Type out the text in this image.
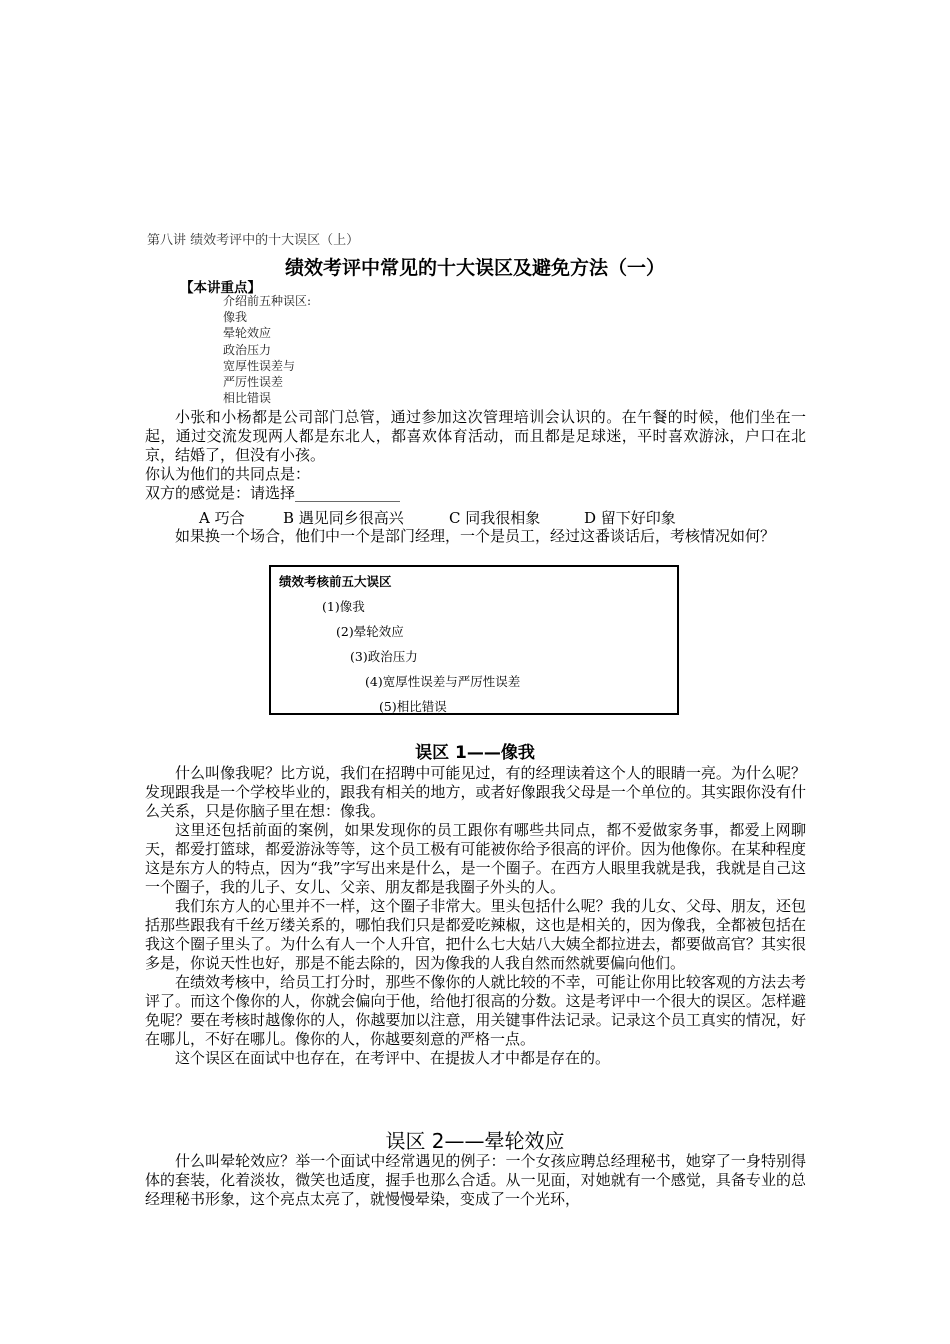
第八讲 绩效考评中的十大误区（上）
绩效考评中常见的十大误区及避免方法（一）
【本讲重点】
介绍前五种误区:
像我
晕轮效应
政治压力
宽厚性误差与
严厉性误差
相比错误

小张和小杨都是公司部门总管，通过参加这次管理培训会认识的。在午餐的时候，他们坐在一起，通过交流发现两人都是东北人，都喜欢体育活动，而且都是足球迷，平时喜欢游泳，户口在北京，结婚了，但没有小孩。

你认为他们的共同点是：

双方的感觉是：请选择______________

A 巧合	B 遇见同乡很高兴	C 同我很相象	D 留下好印象

如果换一个场合，他们中一个是部门经理，一个是员工，经过这番谈话后，考核情况如何？

绩效考核前五大误区
(1)像我
(2)晕轮效应
(3)政治压力
(4)宽厚性误差与严厉性误差
(5)相比错误
误区 1——像我

什么叫像我呢？比方说，我们在招聘中可能见过，有的经理读着这个人的眼睛一亮。为什么呢？发现跟我是一个学校毕业的，跟我有相关的地方，或者好像跟我父母是一个单位的。其实跟你没有什么关系，只是你脑子里在想：像我。

这里还包括前面的案例，如果发现你的员工跟你有哪些共同点，都不爱做家务事，都爱上网聊天，都爱打篮球，都爱游泳等等，这个员工极有可能被你给予很高的评价。因为他像你。在某种程度这是东方人的特点，因为“我”字写出来是什么，是一个圈子。在西方人眼里我就是我，我就是自己这一个圈子，我的儿子、女儿、父亲、朋友都是我圈子外头的人。

我们东方人的心里并不一样，这个圈子非常大。里头包括什么呢？我的儿女、父母、朋友，还包括那些跟我有千丝万缕关系的，哪怕我们只是都爱吃辣椒，这也是相关的，因为像我，全都被包括在我这个圈子里头了。为什么有人一个人升官，把什么七大姑八大姨全都拉进去，都要做高官？其实很多是，你说天性也好，那是不能去除的，因为像我的人我自然而然就要偏向他们。

在绩效考核中，给员工打分时，那些不像你的人就比较的不幸，可能让你用比较客观的方法去考评了。而这个像你的人，你就会偏向于他，给他打很高的分数。这是考评中一个很大的误区。怎样避免呢？要在考核时越像你的人，你越要加以注意，用关键事件法记录。记录这个员工真实的情况，好在哪儿，不好在哪儿。像你的人，你越要刻意的严格一点。

这个误区在面试中也存在，在考评中、在提拔人才中都是存在的。

误区 2——晕轮效应

什么叫晕轮效应？举一个面试中经常遇见的例子：一个女孩应聘总经理秘书，她穿了一身特别得体的套装，化着淡妆，微笑也适度，握手也那么合适。从一见面，对她就有一个感觉，具备专业的总经理秘书形象，这个亮点太亮了，就慢慢晕染，变成了一个光环，
